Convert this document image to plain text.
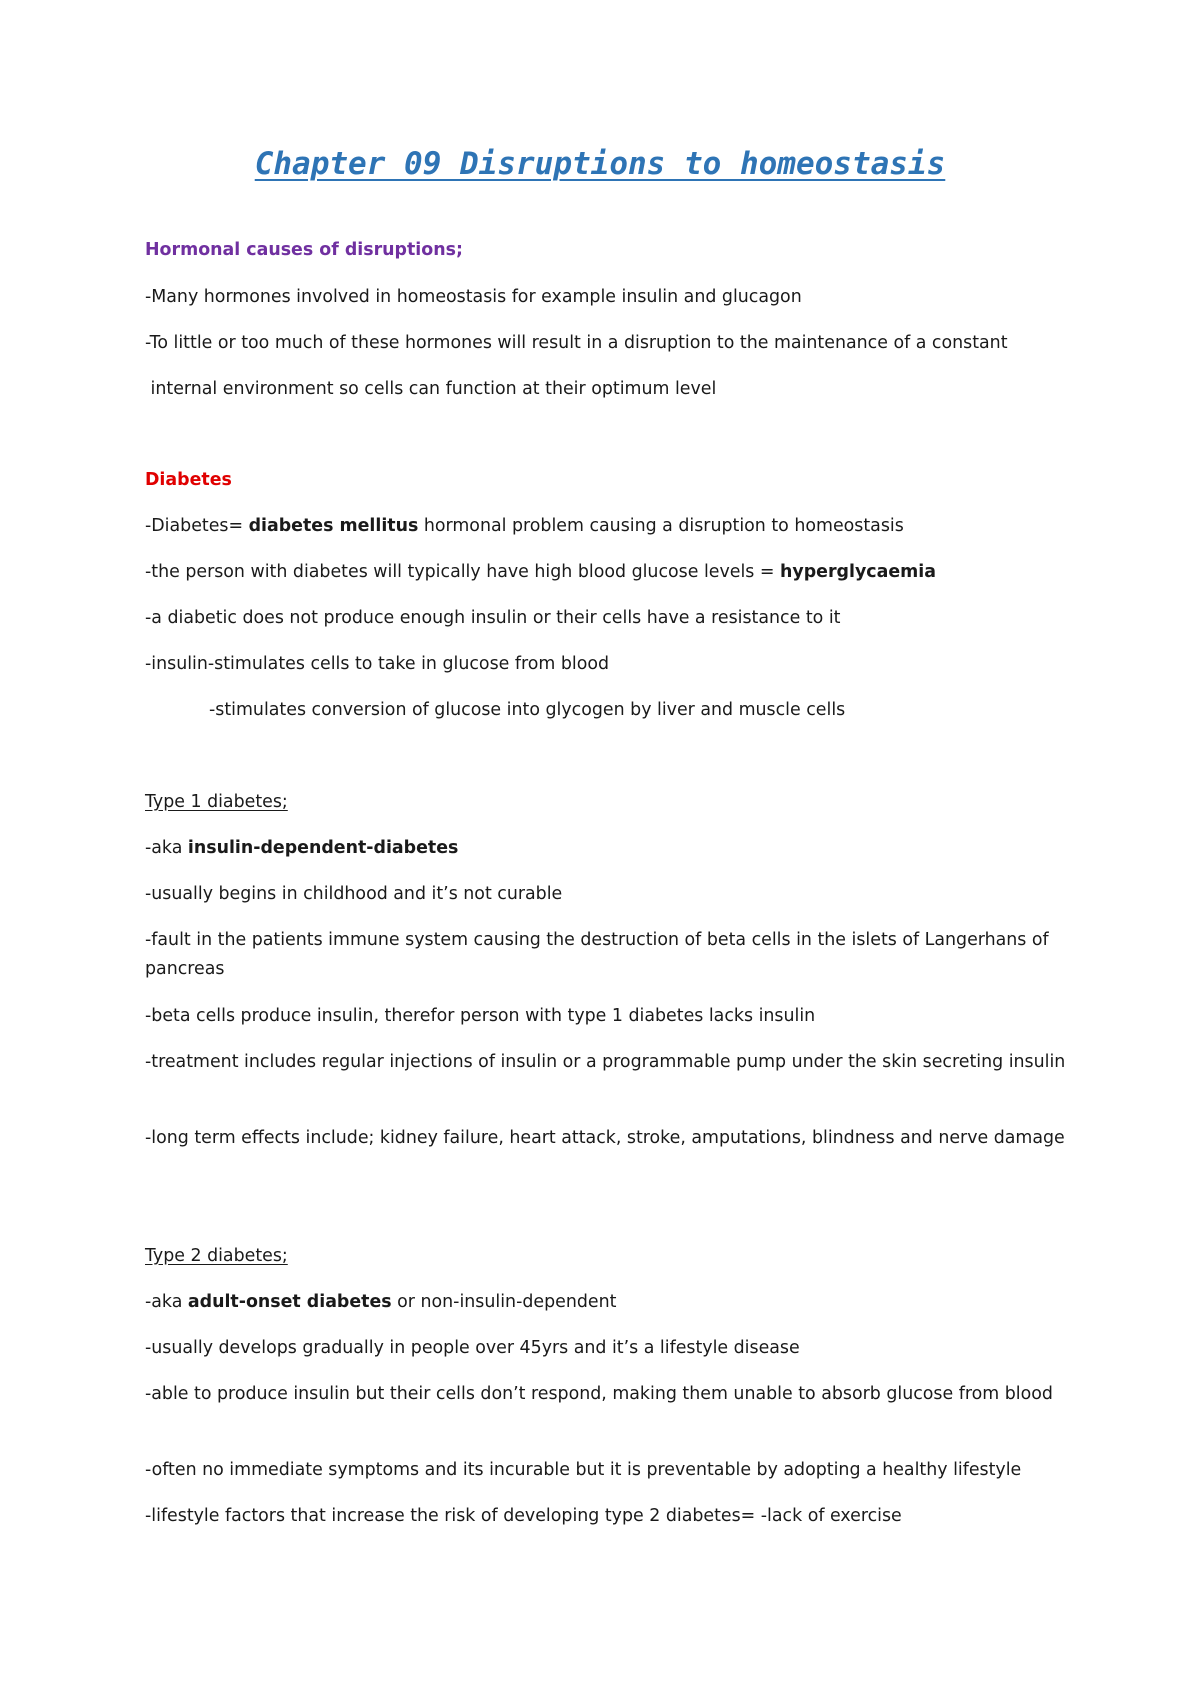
Chapter 09 Disruptions to homeostasis

Hormonal causes of disruptions;

-Many hormones involved in homeostasis for example insulin and glucagon

-To little or too much of these hormones will result in a disruption to the maintenance of a constant

internal environment so cells can function at their optimum level

Diabetes

-Diabetes= diabetes mellitus hormonal problem causing a disruption to homeostasis

-the person with diabetes will typically have high blood glucose levels = hyperglycaemia

-a diabetic does not produce enough insulin or their cells have a resistance to it

-insulin-stimulates cells to take in glucose from blood

-stimulates conversion of glucose into glycogen by liver and muscle cells

Type 1 diabetes;

-aka insulin-dependent-diabetes

-usually begins in childhood and it’s not curable

-fault in the patients immune system causing the destruction of beta cells in the islets of Langerhans of pancreas

-beta cells produce insulin, therefor person with type 1 diabetes lacks insulin

-treatment includes regular injections of insulin or a programmable pump under the skin secreting insulin

-long term effects include; kidney failure, heart attack, stroke, amputations, blindness and nerve damage

Type 2 diabetes;

-aka adult-onset diabetes or non-insulin-dependent

-usually develops gradually in people over 45yrs and it’s a lifestyle disease

-able to produce insulin but their cells don’t respond, making them unable to absorb glucose from blood

-often no immediate symptoms and its incurable but it is preventable by adopting a healthy lifestyle

-lifestyle factors that increase the risk of developing type 2 diabetes= -lack of exercise
